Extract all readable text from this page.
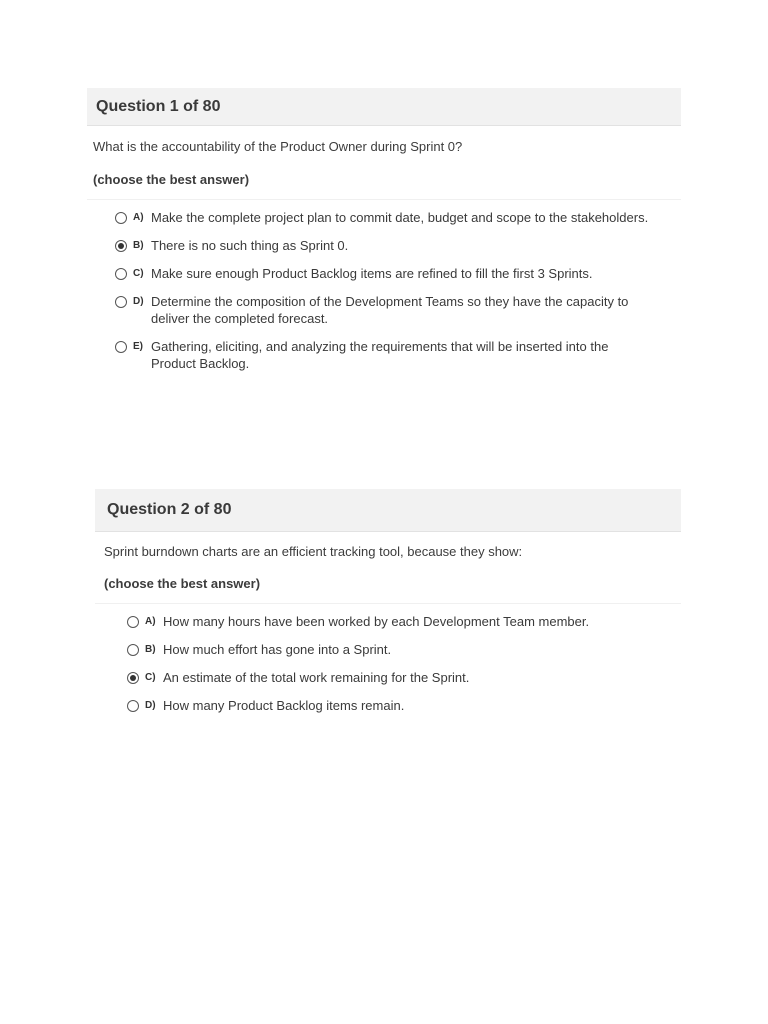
Question 1 of 80
What is the accountability of the Product Owner during Sprint 0?
(choose the best answer)
A) Make the complete project plan to commit date, budget and scope to the stakeholders.
B) There is no such thing as Sprint 0.
C) Make sure enough Product Backlog items are refined to fill the first 3 Sprints.
D) Determine the composition of the Development Teams so they have the capacity to deliver the completed forecast.
E) Gathering, eliciting, and analyzing the requirements that will be inserted into the Product Backlog.
Question 2 of 80
Sprint burndown charts are an efficient tracking tool, because they show:
(choose the best answer)
A) How many hours have been worked by each Development Team member.
B) How much effort has gone into a Sprint.
C) An estimate of the total work remaining for the Sprint.
D) How many Product Backlog items remain.
